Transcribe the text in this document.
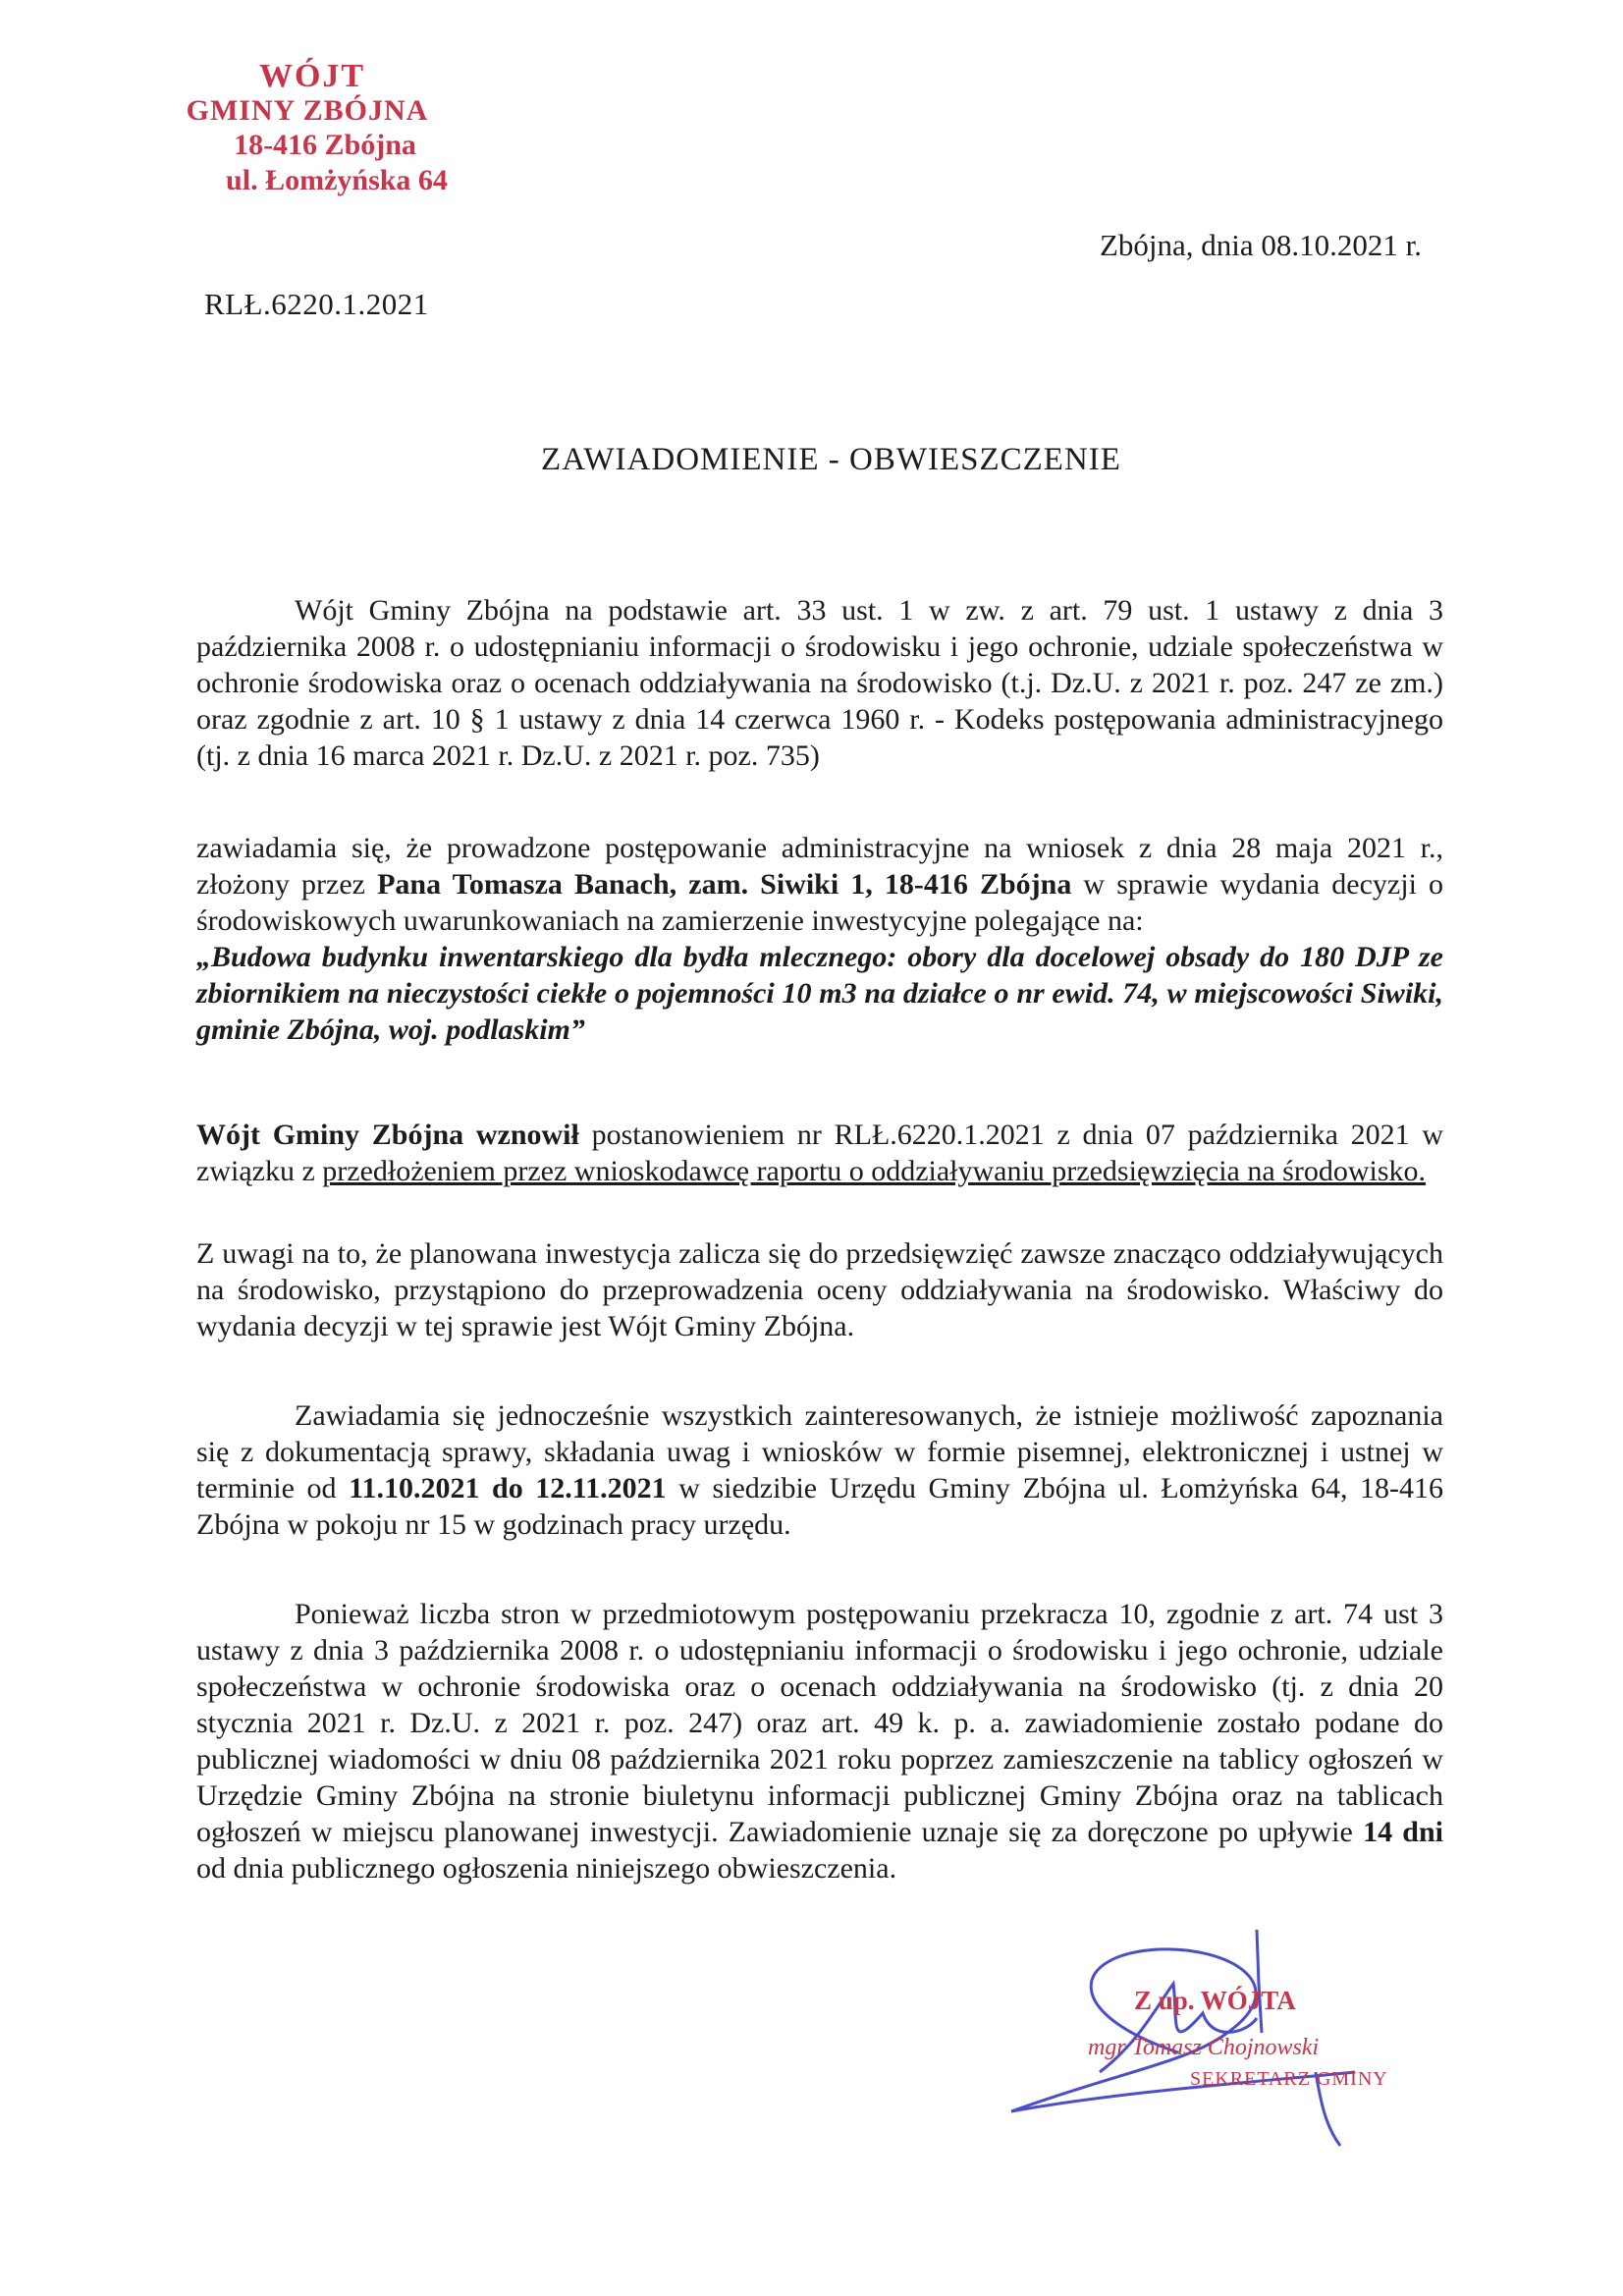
WÓJT
GMINY ZBÓJNA
18-416 Zbójna
ul. Łomżyńska 64
Zbójna, dnia 08.10.2021 r.
RLŁ.6220.1.2021
ZAWIADOMIENIE - OBWIESZCZENIE
Wójt Gminy Zbójna na podstawie art. 33 ust. 1 w zw. z art. 79 ust. 1 ustawy z dnia 3 października 2008 r. o udostępnianiu informacji o środowisku i jego ochronie, udziale społeczeństwa w ochronie środowiska oraz o ocenach oddziaływania na środowisko (t.j. Dz.U. z 2021 r. poz. 247 ze zm.) oraz zgodnie z art. 10 § 1 ustawy z dnia 14 czerwca 1960 r. - Kodeks postępowania administracyjnego (tj. z dnia 16 marca 2021 r. Dz.U. z 2021 r. poz. 735)

zawiadamia się, że prowadzone postępowanie administracyjne na wniosek z dnia 28 maja 2021 r., złożony przez Pana Tomasza Banach, zam. Siwiki 1, 18-416 Zbójna w sprawie wydania decyzji o środowiskowych uwarunkowaniach na zamierzenie inwestycyjne polegające na:

„Budowa budynku inwentarskiego dla bydła mlecznego: obory dla docelowej obsady do 180 DJP ze zbiornikiem na nieczystości ciekłe o pojemności 10 m3 na działce o nr ewid. 74, w miejscowości Siwiki, gminie Zbójna, woj. podlaskim”

Wójt Gminy Zbójna wznowił postanowieniem nr RLŁ.6220.1.2021 z dnia 07 października 2021 w związku z przedłożeniem przez wnioskodawcę raportu o oddziaływaniu przedsięwzięcia na środowisko.
Z uwagi na to, że planowana inwestycja zalicza się do przedsięwzięć zawsze znacząco oddziaływujących na środowisko, przystąpiono do przeprowadzenia oceny oddziaływania na środowisko. Właściwy do wydania decyzji w tej sprawie jest Wójt Gminy Zbójna.
Zawiadamia się jednocześnie wszystkich zainteresowanych, że istnieje możliwość zapoznania się z dokumentacją sprawy, składania uwag i wniosków w formie pisemnej, elektronicznej i ustnej w terminie od 11.10.2021 do 12.11.2021 w siedzibie Urzędu Gminy Zbójna ul. Łomżyńska 64, 18-416 Zbójna w pokoju nr 15 w godzinach pracy urzędu.
Ponieważ liczba stron w przedmiotowym postępowaniu przekracza 10, zgodnie z art. 74 ust 3 ustawy z dnia 3 października 2008 r. o udostępnianiu informacji o środowisku i jego ochronie, udziale społeczeństwa w ochronie środowiska oraz o ocenach oddziaływania na środowisko (tj. z dnia 20 stycznia 2021 r. Dz.U. z 2021 r. poz. 247) oraz art. 49 k. p. a. zawiadomienie zostało podane do publicznej wiadomości w dniu 08 października 2021 roku poprzez zamieszczenie na tablicy ogłoszeń w Urzędzie Gminy Zbójna na stronie biuletynu informacji publicznej Gminy Zbójna oraz na tablicach ogłoszeń w miejscu planowanej inwestycji. Zawiadomienie uznaje się za doręczone po upływie 14 dni od dnia publicznego ogłoszenia niniejszego obwieszczenia.
Z up. WÓJTA
mgr Tomasz Chojnowski
SEKRETARZ GMINY
